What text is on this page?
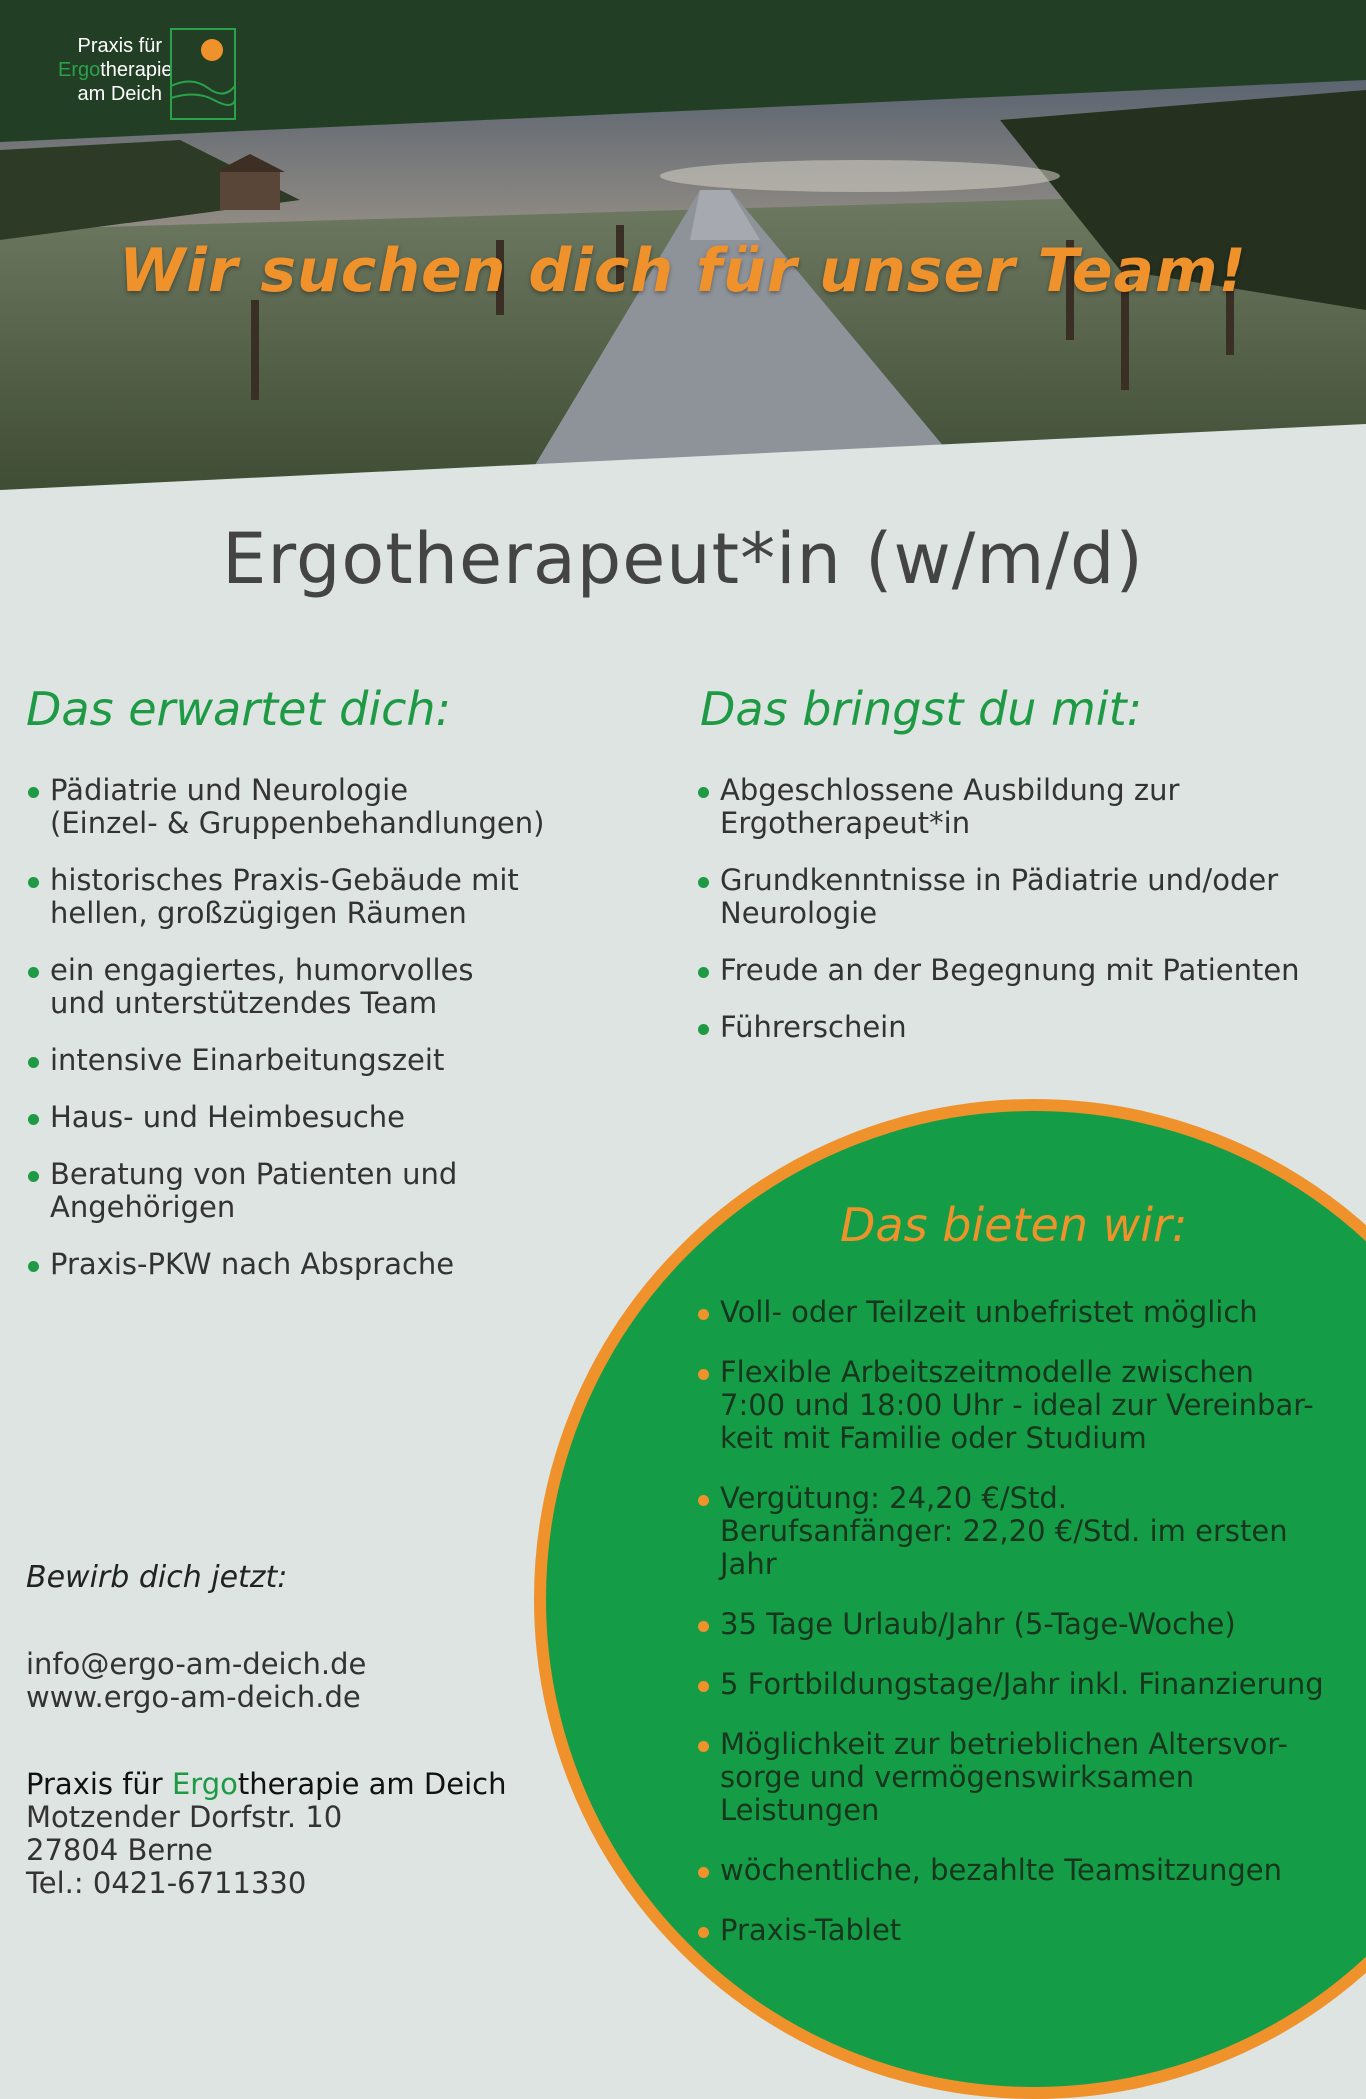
Praxis für
Ergotherapie
am Deich
Wir suchen dich für unser Team!
Ergotherapeut*in (w/m/d)
Das erwartet dich:
Pädiatrie und Neurologie
(Einzel- & Gruppenbehandlungen)
historisches Praxis-Gebäude mit
hellen, großzügigen Räumen
ein engagiertes, humorvolles
und unterstützendes Team
intensive Einarbeitungszeit
Haus- und Heimbesuche
Beratung von Patienten und
Angehörigen
Praxis-PKW nach Absprache
Das bringst du mit:
Abgeschlossene Ausbildung zur
Ergotherapeut*in
Grundkenntnisse in Pädiatrie und/oder
Neurologie
Freude an der Begegnung mit Patienten
Führerschein
Das bieten wir:
Voll- oder Teilzeit unbefristet möglich
Flexible Arbeitszeitmodelle zwischen
7:00 und 18:00 Uhr - ideal zur Vereinbar-
keit mit Familie oder Studium
Vergütung: 24,20 €/Std.
Berufsanfänger: 22,20 €/Std. im ersten Jahr
35 Tage Urlaub/Jahr (5-Tage-Woche)
5 Fortbildungstage/Jahr inkl. Finanzierung
Möglichkeit zur betrieblichen Altersvor-
sorge und vermögenswirksamen
Leistungen
wöchentliche, bezahlte Teamsitzungen
Praxis-Tablet
Bewirb dich jetzt:
info@ergo-am-deich.de
www.ergo-am-deich.de
Praxis für Ergotherapie am Deich
Motzender Dorfstr. 10
27804 Berne
Tel.: 0421-6711330
